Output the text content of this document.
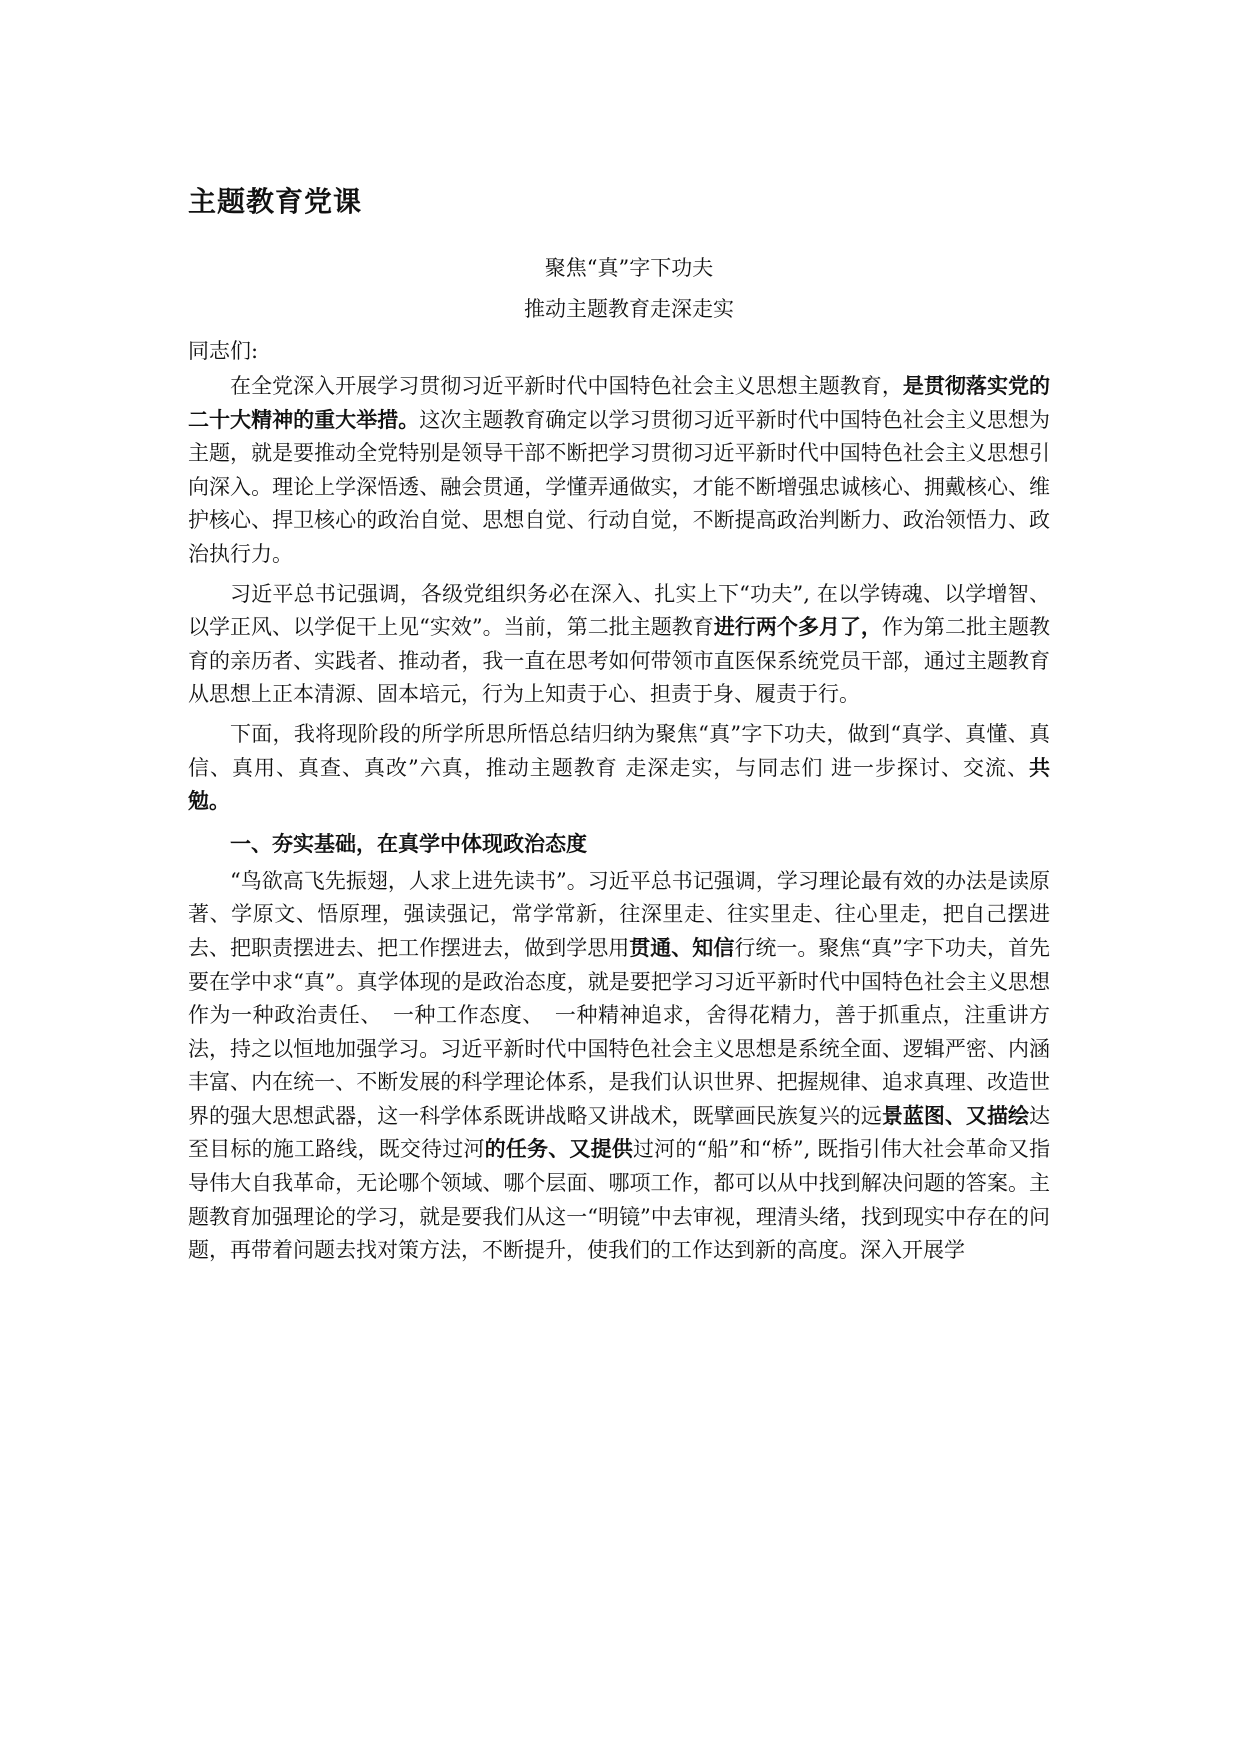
主题教育党课

聚焦“真”字下功夫

推动主题教育走深走实

同志们:

在全党深入开展学习贯彻习近平新时代中国特色社会主义思想主题教育，是贯彻落实党的二十大精神的重大举措。这次主题教育确定以学习贯彻习近平新时代中国特色社会主义思想为主题，就是要推动全党特别是领导干部不断把学习贯彻习近平新时代中国特色社会主义思想引向深入。理论上学深悟透、融会贯通，学懂弄通做实，才能不断增强忠诚核心、拥戴核心、维护核心、捍卫核心的政治自觉、思想自觉、行动自觉，不断提高政治判断力、政治领悟力、政治执行力。

习近平总书记强调，各级党组织务必在深入、扎实上下“功夫”, 在以学铸魂、以学增智、以学正风、以学促干上见“实效”。当前，第二批主题教育进行两个多月了，作为第二批主题教育的亲历者、实践者、推动者，我一直在思考如何带领市直医保系统党员干部，通过主题教育从思想上正本清源、固本培元，行为上知责于心、担责于身、履责于行。

下面，我将现阶段的所学所思所悟总结归纳为聚焦“真”字下功夫，做到“真学、真懂、真信、真用、真查、真改”六真，推动主题教育 走深走实，与同志们 进一步探讨、交流、共勉。

一、夯实基础，在真学中体现政治态度

“鸟欲高飞先振翅，人求上进先读书”。习近平总书记强调，学习理论最有效的办法是读原著、学原文、悟原理，强读强记，常学常新，往深里走、往实里走、往心里走，把自己摆进去、把职责摆进去、把工作摆进去，做到学思用贯通、知信行统一。聚焦“真”字下功夫，首先要在学中求“真”。真学体现的是政治态度，就是要把学习习近平新时代中国特色社会主义思想作为一种政治责任、　一种工作态度、　一种精神追求，舍得花精力，善于抓重点，注重讲方法，持之以恒地加强学习。习近平新时代中国特色社会主义思想是系统全面、逻辑严密、内涵丰富、内在统一、不断发展的科学理论体系，是我们认识世界、把握规律、追求真理、改造世界的强大思想武器，这一科学体系既讲战略又讲战术，既擘画民族复兴的远景蓝图、又描绘达至目标的施工路线，既交待过河的任务、又提供过河的“船”和“桥”, 既指引伟大社会革命又指导伟大自我革命，无论哪个领域、哪个层面、哪项工作，都可以从中找到解决问题的答案。主题教育加强理论的学习，就是要我们从这一“明镜”中去审视，理清头绪，找到现实中存在的问题，再带着问题去找对策方法，不断提升，使我们的工作达到新的高度。深入开展学
